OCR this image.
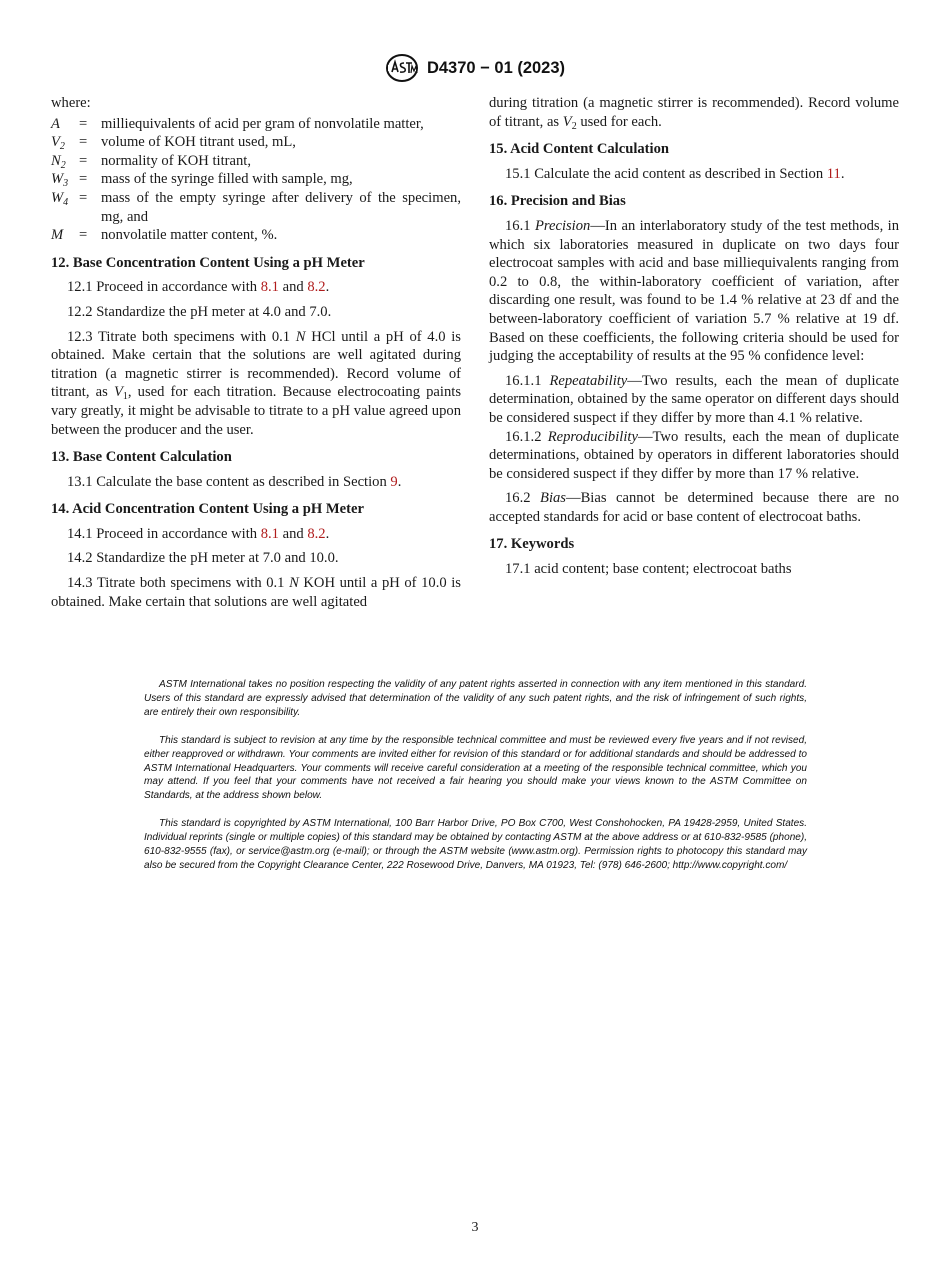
D4370 − 01 (2023)

where:

A	= milliequivalents of acid per gram of nonvolatile matter,
$V_2$ = volume of KOH titrant used, mL,
$N_2$ = normality of KOH titrant,
$W_3$ = mass of the syringe filled with sample, mg,
$W_4$ = mass of the empty syringe after delivery of the specimen, mg, and
M	= nonvolatile matter content, %.
12. Base Concentration Content Using a pH Meter

12.1 Proceed in accordance with 8.1 and 8.2.

12.2 Standardize the pH meter at 4.0 and 7.0.

12.3 Titrate both specimens with 0.1 N HCl until a pH of 4.0 is obtained. Make certain that the solutions are well agitated during titration (a magnetic stirrer is recommended). Record volume of titrant, as $V_1$, used for each titration. Because electrocoating paints vary greatly, it might be advisable to titrate to a pH value agreed upon between the producer and the user.

13. Base Content Calculation

13.1 Calculate the base content as described in Section 9.

14. Acid Concentration Content Using a pH Meter

14.1 Proceed in accordance with 8.1 and 8.2.

14.2 Standardize the pH meter at 7.0 and 10.0.

14.3 Titrate both specimens with 0.1 N KOH until a pH of 10.0 is obtained. Make certain that solutions are well agitated

during titration (a magnetic stirrer is recommended). Record volume of titrant, as $V_2$ used for each.

15. Acid Content Calculation

15.1 Calculate the acid content as described in Section 11.

16. Precision and Bias

16.1 Precision—In an interlaboratory study of the test methods, in which six laboratories measured in duplicate on two days four electrocoat samples with acid and base milliequivalents ranging from 0.2 to 0.8, the within-laboratory coefficient of variation, after discarding one result, was found to be 1.4 % relative at 23 df and the between-laboratory coefficient of variation 5.7 % relative at 19 df. Based on these coefficients, the following criteria should be used for judging the acceptability of results at the 95 % confidence level:

16.1.1 Repeatability—Two results, each the mean of duplicate determination, obtained by the same operator on different days should be considered suspect if they differ by more than 4.1 % relative.

16.1.2 Reproducibility—Two results, each the mean of duplicate determinations, obtained by operators in different laboratories should be considered suspect if they differ by more than 17 % relative.

16.2 Bias—Bias cannot be determined because there are no accepted standards for acid or base content of electrocoat baths.

17. Keywords

17.1 acid content; base content; electrocoat baths

ASTM International takes no position respecting the validity of any patent rights asserted in connection with any item mentioned in this standard. Users of this standard are expressly advised that determination of the validity of any such patent rights, and the risk of infringement of such rights, are entirely their own responsibility.

This standard is subject to revision at any time by the responsible technical committee and must be reviewed every five years and if not revised, either reapproved or withdrawn. Your comments are invited either for revision of this standard or for additional standards and should be addressed to ASTM International Headquarters. Your comments will receive careful consideration at a meeting of the responsible technical committee, which you may attend. If you feel that your comments have not received a fair hearing you should make your views known to the ASTM Committee on Standards, at the address shown below.

This standard is copyrighted by ASTM International, 100 Barr Harbor Drive, PO Box C700, West Conshohocken, PA 19428-2959, United States. Individual reprints (single or multiple copies) of this standard may be obtained by contacting ASTM at the above address or at 610-832-9585 (phone), 610-832-9555 (fax), or service@astm.org (e-mail); or through the ASTM website (www.astm.org). Permission rights to photocopy this standard may also be secured from the Copyright Clearance Center, 222 Rosewood Drive, Danvers, MA 01923, Tel: (978) 646-2600; http://www.copyright.com/

3
